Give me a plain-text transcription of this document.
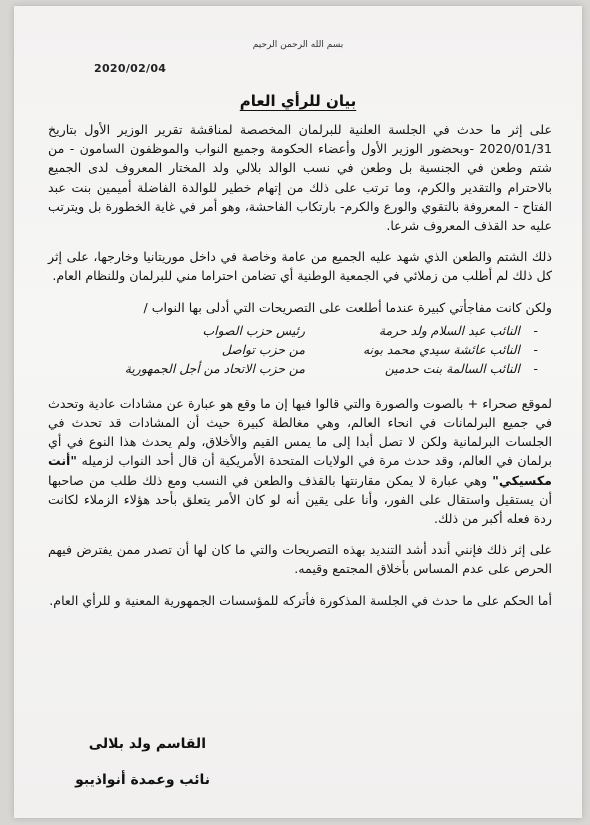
بسم الله الرحمن الرحيم
2020/02/04
بيان للرأي العام

على إثر ما حدث في الجلسة العلنية للبرلمان المخصصة لمناقشة تقرير الوزير الأول بتاريخ 2020/01/31 -وبحضور الوزير الأول وأعضاء الحكومة وجميع النواب والموظفون السامون - من شتم وطعن في الجنسية بل وطعن في نسب الوالد بلالي ولد المختار المعروف لدى الجميع بالاحترام والتقدير والكرم، وما ترتب على ذلك من إتهام خطير للوالدة الفاضلة أميمين بنت عبد الفتاح - المعروفة بالتقوي والورع والكرم- بارتكاب الفاحشة، وهو أمر في غاية الخطورة بل ويترتب عليه حد القذف المعروف شرعا.

ذلك الشتم والطعن الذي شهد عليه الجميع من عامة وخاصة في داخل موريتانيا وخارجها، على إثر كل ذلك لم أطلب من زملائي في الجمعية الوطنية أي تضامن احتراما مني للبرلمان وللنظام العام.

ولكن كانت مفاجأتي كبيرة عندما أطلعت على التصريحات التي أدلى بها النواب /

-
النائب عبد السلام ولد حرمة
رئيس حزب الصواب
-
النائب عائشة سيدي محمد بونه
من حزب تواصل
-
النائب السالمة بنت حدمين
من حزب الاتحاد من أجل الجمهورية

لموقع صحراء + بالصوت والصورة والتي قالوا فيها إن ما وقع هو عبارة عن مشادات عادية وتحدث في جميع البرلمانات في انحاء العالم، وهي مغالطة كبيرة حيث أن المشادات قد تحدث في الجلسات البرلمانية ولكن لا تصل أبدا إلى ما يمس القيم والأخلاق، ولم يحدث هذا النوع في أي برلمان في العالم، وقد حدث مرة في الولايات المتحدة الأمريكية أن قال أحد النواب لزميله "أنت مكسيكي" وهي عبارة لا يمكن مقارنتها بالقذف والطعن في النسب ومع ذلك طلب من صاحبها أن يستقيل واستقال على الفور، وأنا على يقين أنه لو كان الأمر يتعلق بأحد هؤلاء الزملاء لكانت ردة فعله أكبر من ذلك.

على إثر ذلك فإنني أندد أشد التنديد بهذه التصريحات والتي ما كان لها أن تصدر ممن يفترض فيهم الحرص على عدم المساس بأخلاق المجتمع وقيمه.

أما الحكم على ما حدث في الجلسة المذكورة فأتركه للمؤسسات الجمهورية المعنية و للرأي العام.

القاسم ولد بلالى
نائب وعمدة أنواذيبو
